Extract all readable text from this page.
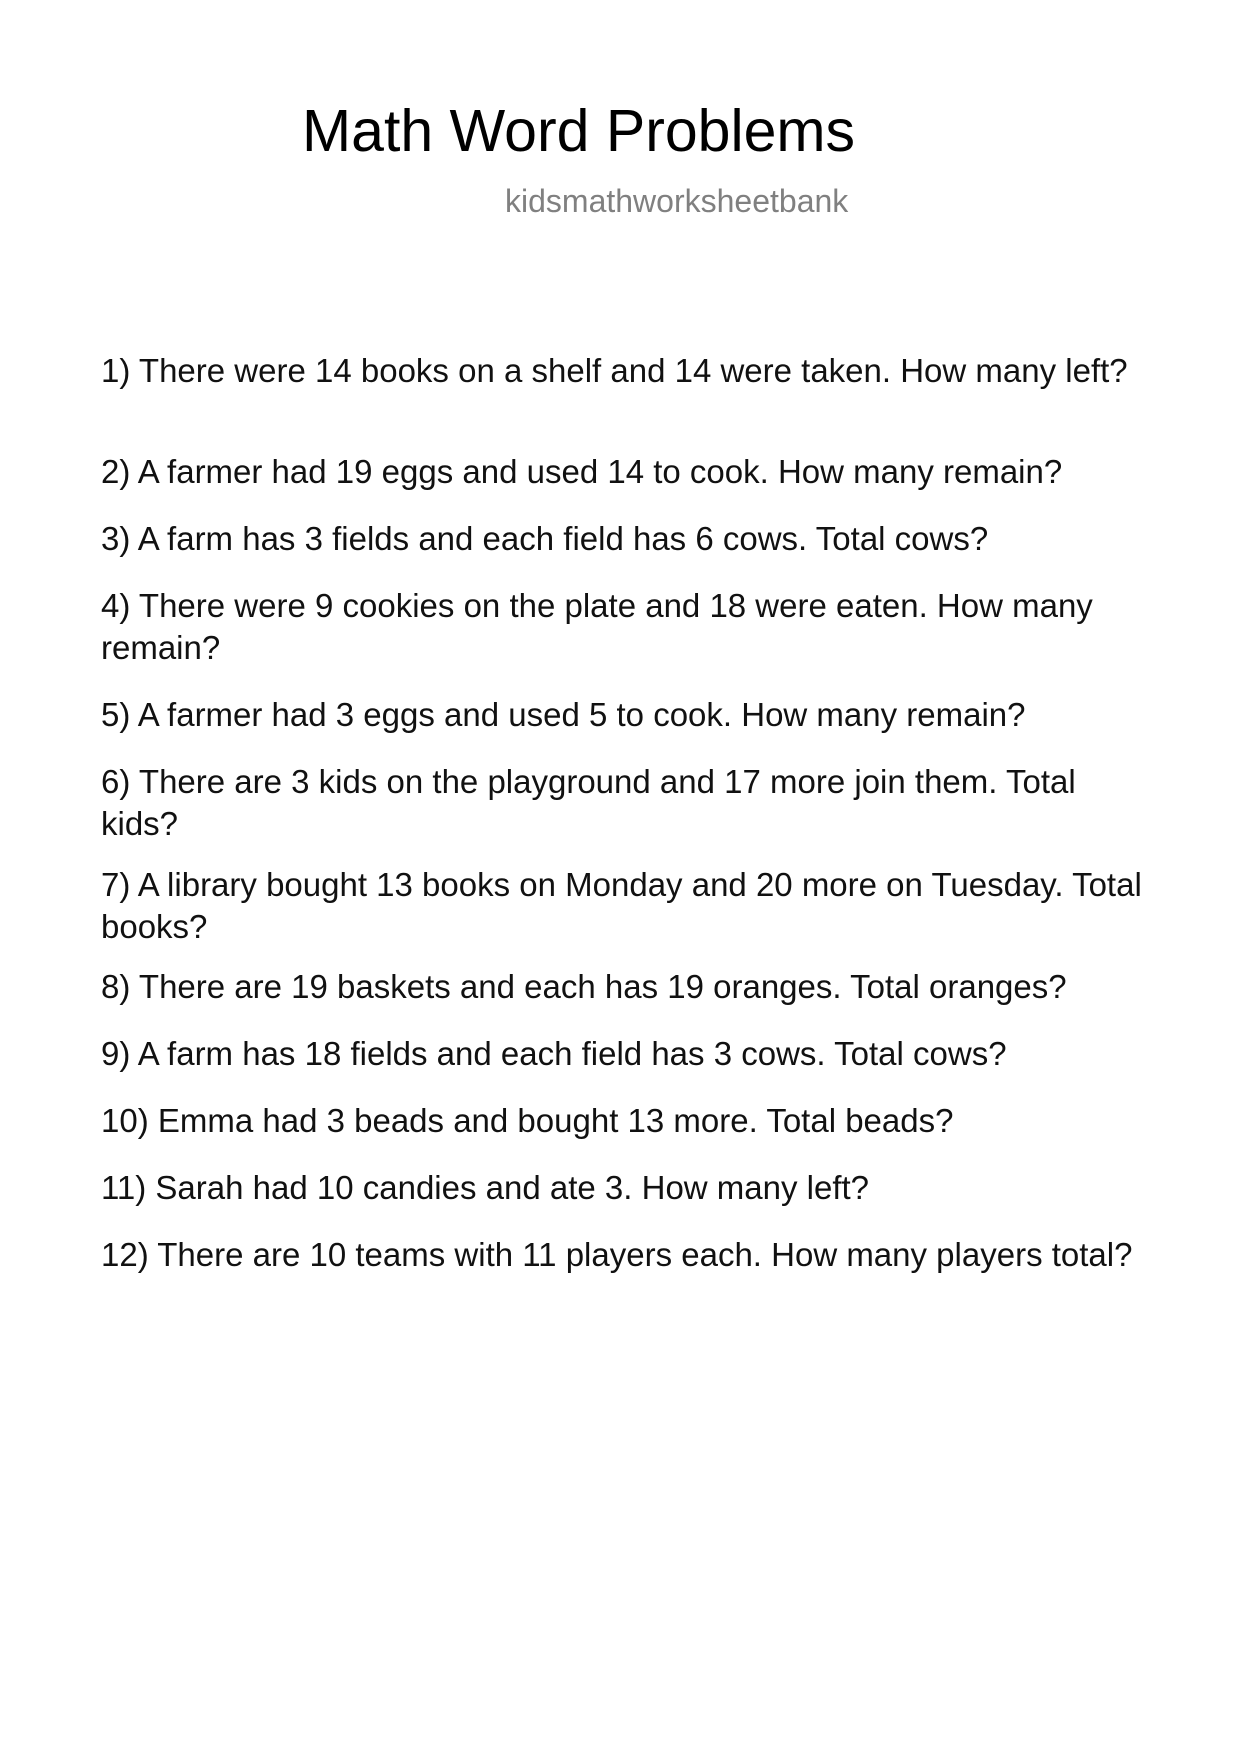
Math Word Problems
kidsmathworksheetbank
1) There were 14 books on a shelf and 14 were taken. How many left?
2) A farmer had 19 eggs and used 14 to cook. How many remain?
3) A farm has 3 fields and each field has 6 cows. Total cows?
4) There were 9 cookies on the plate and 18 were eaten. How many remain?
5) A farmer had 3 eggs and used 5 to cook. How many remain?
6) There are 3 kids on the playground and 17 more join them. Total kids?
7) A library bought 13 books on Monday and 20 more on Tuesday. Total books?
8) There are 19 baskets and each has 19 oranges. Total oranges?
9) A farm has 18 fields and each field has 3 cows. Total cows?
10) Emma had 3 beads and bought 13 more. Total beads?
11) Sarah had 10 candies and ate 3. How many left?
12) There are 10 teams with 11 players each. How many players total?
